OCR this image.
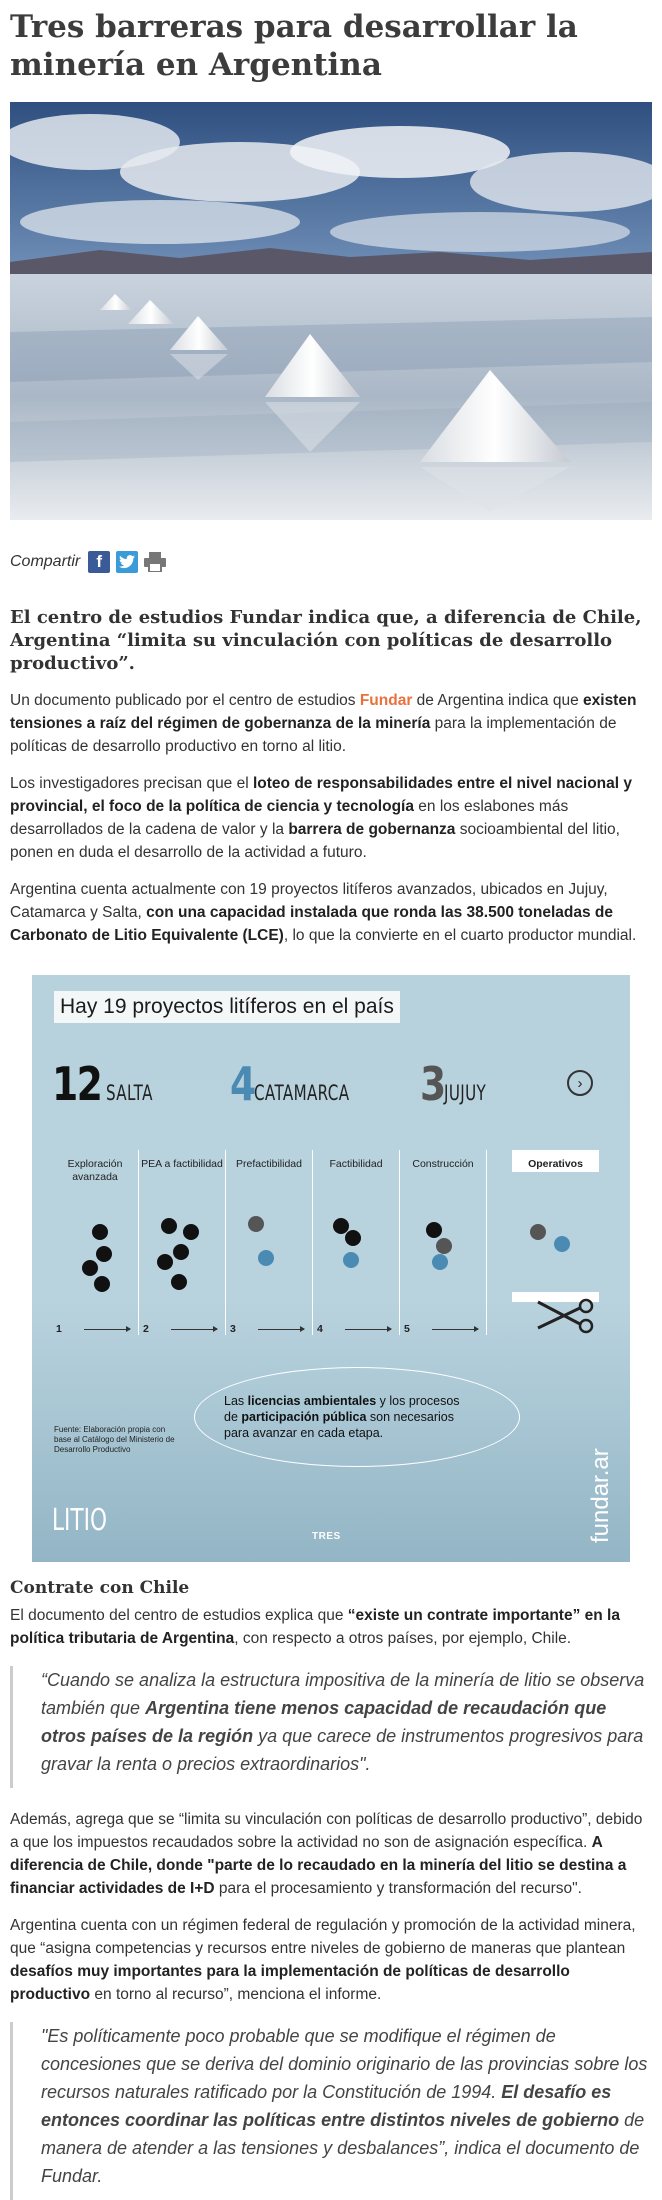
Tres barreras para desarrollar la minería en Argentina
Compartir f

El centro de estudios Fundar indica que, a diferencia de Chile, Argentina “limita su vinculación con políticas de desarrollo productivo”.

Un documento publicado por el centro de estudios Fundar de Argentina indica que existen tensiones a raíz del régimen de gobernanza de la minería para la implementación de políticas de desarrollo productivo en torno al litio.

Los investigadores precisan que el loteo de responsabilidades entre el nivel nacional y provincial, el foco de la política de ciencia y tecnología en los eslabones más desarrollados de la cadena de valor y la barrera de gobernanza socioambiental del litio, ponen en duda el desarrollo de la actividad a futuro.

Argentina cuenta actualmente con 19 proyectos litíferos avanzados, ubicados en Jujuy, Catamarca y Salta, con una capacidad instalada que ronda las 38.500 toneladas de Carbonato de Litio Equivalente (LCE), lo que la convierte en el cuarto productor mundial.

Hay 19 proyectos litíferos en el país
12 SALTA 4 CATAMARCA 3 JUJUY	›
Exploración avanzada
1
PEA a factibilidad
2
Prefactibilidad
3
Factibilidad
4
Construcción
5
Operativos
Las licencias ambientales y los procesos de participación pública son necesarios para avanzar en cada etapa.
Fuente: Elaboración propia con base al Catálogo del Ministerio de Desarrollo Productivo
LITIO	TRES	fundar.ar
Contrate con Chile

El documento del centro de estudios explica que “existe un contrate importante” en la política tributaria de Argentina, con respecto a otros países, por ejemplo, Chile.

“Cuando se analiza la estructura impositiva de la minería de litio se observa también que Argentina tiene menos capacidad de recaudación que otros países de la región ya que carece de instrumentos progresivos para gravar la renta o precios extraordinarios".

Además, agrega que se “limita su vinculación con políticas de desarrollo productivo”, debido a que los impuestos recaudados sobre la actividad no son de asignación específica. A diferencia de Chile, donde "parte de lo recaudado en la minería del litio se destina a financiar actividades de I+D para el procesamiento y transformación del recurso".

Argentina cuenta con un régimen federal de regulación y promoción de la actividad minera, que “asigna competencias y recursos entre niveles de gobierno de maneras que plantean desafíos muy importantes para la implementación de políticas de desarrollo productivo en torno al recurso”, menciona el informe.

"Es políticamente poco probable que se modifique el régimen de concesiones que se deriva del dominio originario de las provincias sobre los recursos naturales ratificado por la Constitución de 1994. El desafío es entonces coordinar las políticas entre distintos niveles de gobierno de manera de atender a las tensiones y desbalances”, indica el documento de Fundar.
